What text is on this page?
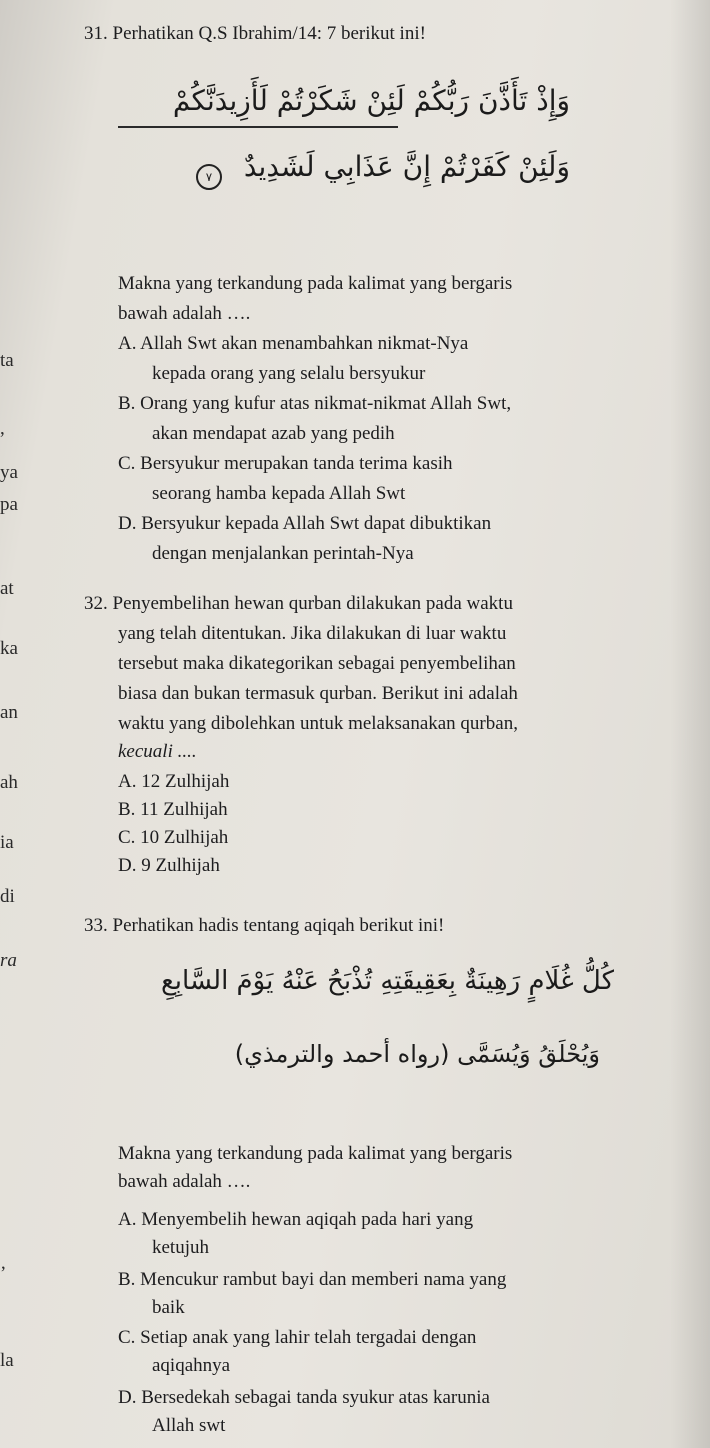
ta
,
ya
pa
at
ka
an
ah
ia
di
ra
ʼ
la
31. Perhatikan Q.S Ibrahim/14: 7 berikut ini!
وَإِذْ تَأَذَّنَ رَبُّكُمْ لَئِنْ شَكَرْتُمْ لَأَزِيدَنَّكُمْ
وَلَئِنْ كَفَرْتُمْ إِنَّ عَذَابِي لَشَدِيدٌ
٧
Makna yang terkandung pada kalimat yang bergaris
bawah adalah ….
A. Allah Swt akan menambahkan nikmat-Nya
kepada orang yang selalu bersyukur
B. Orang yang kufur atas nikmat-nikmat Allah Swt,
akan mendapat azab yang pedih
C. Bersyukur merupakan tanda terima kasih
seorang hamba kepada Allah Swt
D. Bersyukur kepada Allah Swt dapat dibuktikan
dengan menjalankan perintah-Nya
32. Penyembelihan hewan qurban dilakukan pada waktu
yang telah ditentukan. Jika dilakukan di luar waktu
tersebut maka dikategorikan sebagai penyembelihan
biasa dan bukan termasuk qurban. Berikut ini adalah
waktu yang dibolehkan untuk melaksanakan qurban,
kecuali ....
A. 12 Zulhijah
B. 11 Zulhijah
C. 10 Zulhijah
D. 9 Zulhijah
33. Perhatikan hadis tentang aqiqah berikut ini!
كُلُّ غُلَامٍ رَهِينَةٌ بِعَقِيقَتِهِ تُذْبَحُ عَنْهُ يَوْمَ السَّابِعِ
وَيُحْلَقُ وَيُسَمَّى (رواه أحمد والترمذي)
Makna yang terkandung pada kalimat yang bergaris
bawah adalah ….
A. Menyembelih hewan aqiqah pada hari yang
ketujuh
B. Mencukur rambut bayi dan memberi nama yang
baik
C. Setiap anak yang lahir telah tergadai dengan
aqiqahnya
D. Bersedekah sebagai tanda syukur atas karunia
Allah swt
